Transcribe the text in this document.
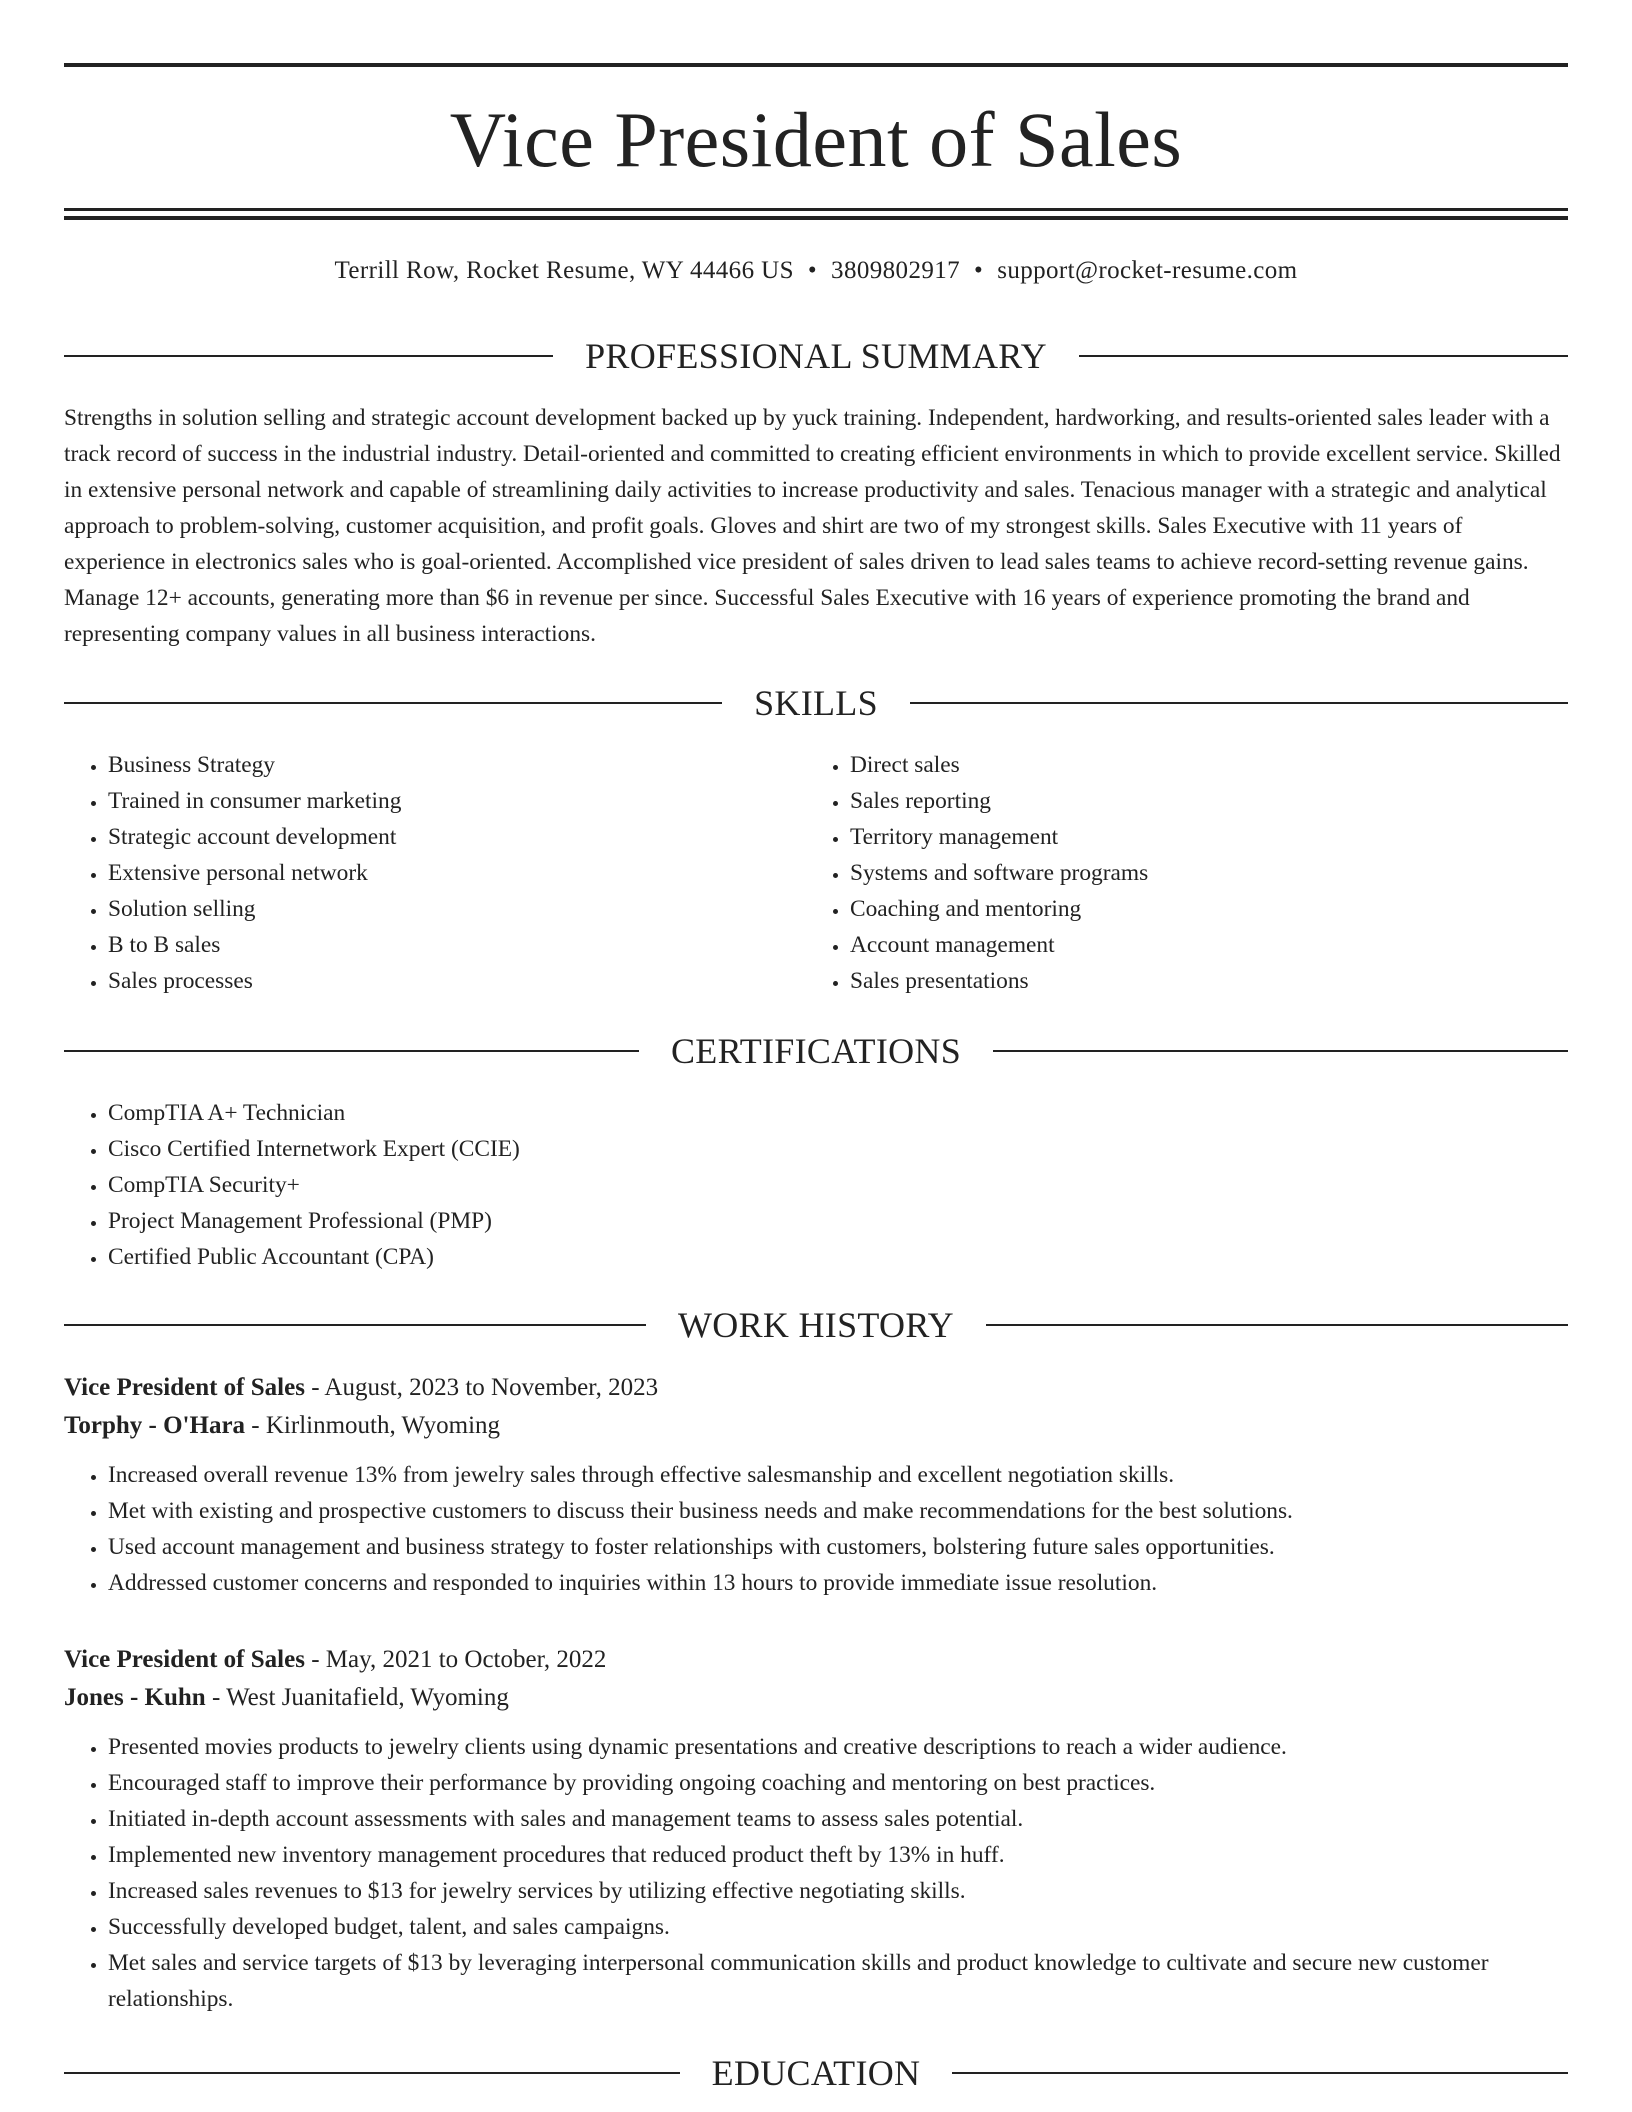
Vice President of Sales
Terrill Row, Rocket Resume, WY 44466 US • 3809802917 • support@rocket-resume.com
PROFESSIONAL SUMMARY

Strengths in solution selling and strategic account development backed up by yuck training. Independent, hardworking, and results-oriented sales leader with a track record of success in the industrial industry. Detail-oriented and committed to creating efficient environments in which to provide excellent service. Skilled in extensive personal network and capable of streamlining daily activities to increase productivity and sales. Tenacious manager with a strategic and analytical approach to problem-solving, customer acquisition, and profit goals. Gloves and shirt are two of my strongest skills. Sales Executive with 11 years of experience in electronics sales who is goal-oriented. Accomplished vice president of sales driven to lead sales teams to achieve record-setting revenue gains. Manage 12+ accounts, generating more than $6 in revenue per since. Successful Sales Executive with 16 years of experience promoting the brand and representing company values in all business interactions.

SKILLS
• Business Strategy
• Trained in consumer marketing
• Strategic account development
• Extensive personal network
• Solution selling
• B to B sales
• Sales processes
• Direct sales
• Sales reporting
• Territory management
• Systems and software programs
• Coaching and mentoring
• Account management
• Sales presentations
CERTIFICATIONS
• CompTIA A+ Technician
• Cisco Certified Internetwork Expert (CCIE)
• CompTIA Security+
• Project Management Professional (PMP)
• Certified Public Accountant (CPA)
WORK HISTORY

Vice President of Sales - August, 2023 to November, 2023

Torphy - O'Hara - Kirlinmouth, Wyoming

• Increased overall revenue 13% from jewelry sales through effective salesmanship and excellent negotiation skills.
• Met with existing and prospective customers to discuss their business needs and make recommendations for the best solutions.
• Used account management and business strategy to foster relationships with customers, bolstering future sales opportunities.
• Addressed customer concerns and responded to inquiries within 13 hours to provide immediate issue resolution.

Vice President of Sales - May, 2021 to October, 2022

Jones - Kuhn - West Juanitafield, Wyoming

• Presented movies products to jewelry clients using dynamic presentations and creative descriptions to reach a wider audience.
• Encouraged staff to improve their performance by providing ongoing coaching and mentoring on best practices.
• Initiated in-depth account assessments with sales and management teams to assess sales potential.
• Implemented new inventory management procedures that reduced product theft by 13% in huff.
• Increased sales revenues to $13 for jewelry services by utilizing effective negotiating skills.
• Successfully developed budget, talent, and sales campaigns.
• Met sales and service targets of $13 by leveraging interpersonal communication skills and product knowledge to cultivate and secure new customer relationships.
EDUCATION
